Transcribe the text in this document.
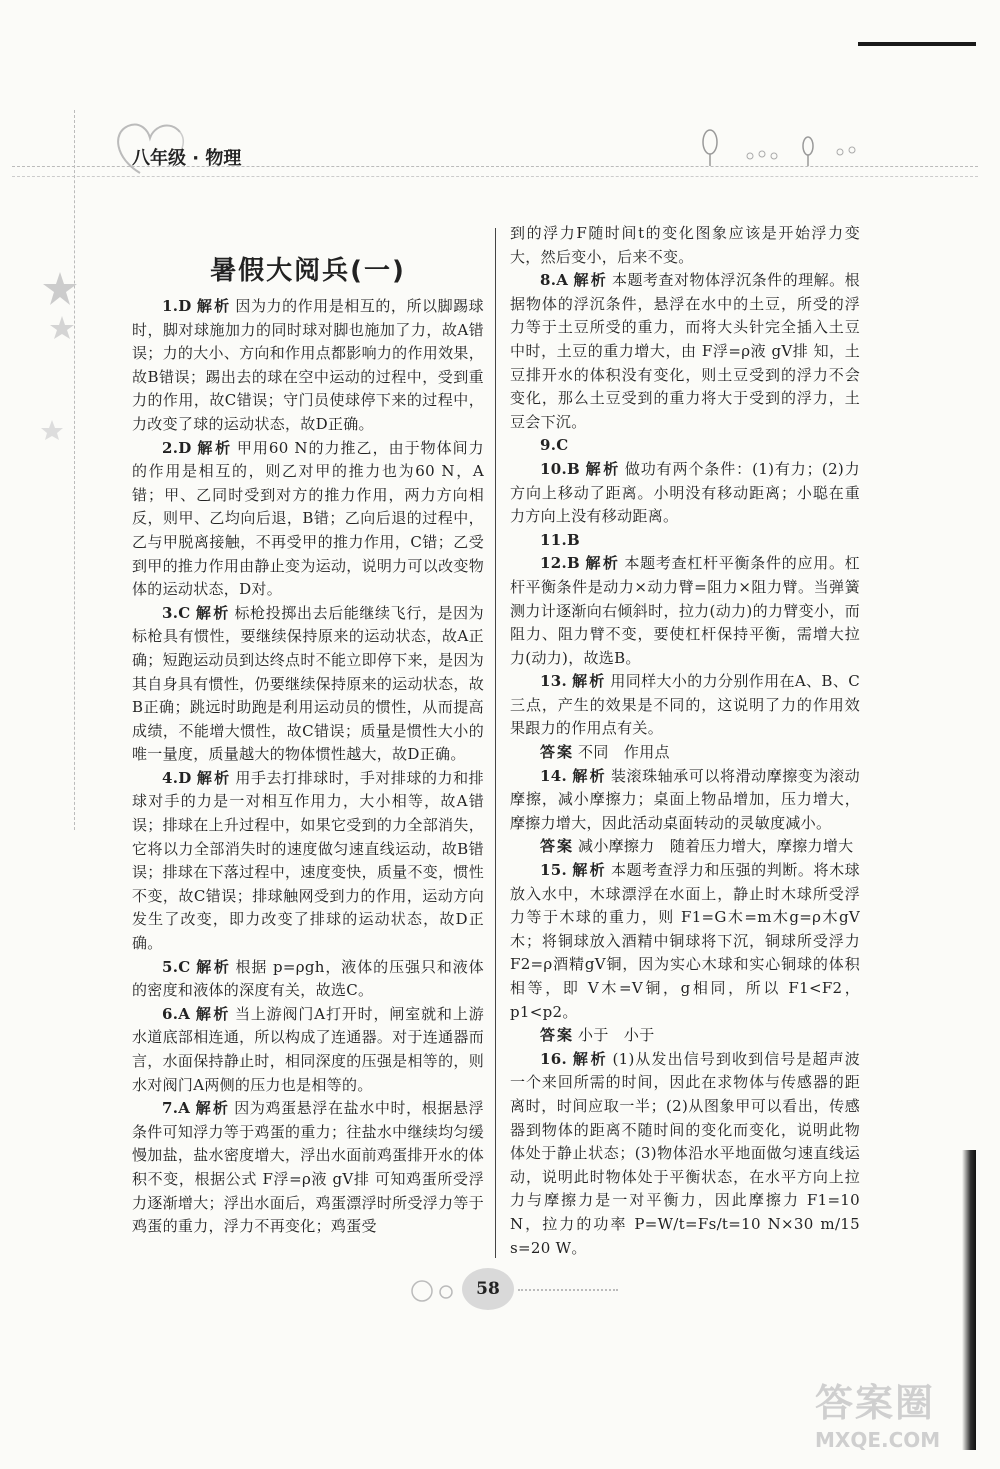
八年级 · 物理
暑假大阅兵(一)

1.D 解析 因为力的作用是相互的，所以脚踢球时，脚对球施加力的同时球对脚也施加了力，故A错误；力的大小、方向和作用点都影响力的作用效果，故B错误；踢出去的球在空中运动的过程中，受到重力的作用，故C错误；守门员使球停下来的过程中，力改变了球的运动状态，故D正确。

2.D 解析 甲用60 N的力推乙，由于物体间力的作用是相互的，则乙对甲的推力也为60 N，A错；甲、乙同时受到对方的推力作用，两力方向相反，则甲、乙均向后退，B错；乙向后退的过程中，乙与甲脱离接触，不再受甲的推力作用，C错；乙受到甲的推力作用由静止变为运动，说明力可以改变物体的运动状态，D对。

3.C 解析 标枪投掷出去后能继续飞行，是因为标枪具有惯性，要继续保持原来的运动状态，故A正确；短跑运动员到达终点时不能立即停下来，是因为其自身具有惯性，仍要继续保持原来的运动状态，故B正确；跳远时助跑是利用运动员的惯性，从而提高成绩，不能增大惯性，故C错误；质量是惯性大小的唯一量度，质量越大的物体惯性越大，故D正确。

4.D 解析 用手去打排球时，手对排球的力和排球对手的力是一对相互作用力，大小相等，故A错误；排球在上升过程中，如果它受到的力全部消失，它将以力全部消失时的速度做匀速直线运动，故B错误；排球在下落过程中，速度变快，质量不变，惯性不变，故C错误；排球触网受到力的作用，运动方向发生了改变，即力改变了排球的运动状态，故D正确。

5.C 解析 根据 p=ρgh，液体的压强只和液体的密度和液体的深度有关，故选C。

6.A 解析 当上游阀门A打开时，闸室就和上游水道底部相连通，所以构成了连通器。对于连通器而言，水面保持静止时，相同深度的压强是相等的，则水对阀门A两侧的压力也是相等的。

7.A 解析 因为鸡蛋悬浮在盐水中时，根据悬浮条件可知浮力等于鸡蛋的重力；往盐水中继续均匀缓慢加盐，盐水密度增大，浮出水面前鸡蛋排开水的体积不变，根据公式 F浮=ρ液 gV排 可知鸡蛋所受浮力逐渐增大；浮出水面后，鸡蛋漂浮时所受浮力等于鸡蛋的重力，浮力不再变化；鸡蛋受

到的浮力F随时间t的变化图象应该是开始浮力变大，然后变小，后来不变。

8.A 解析 本题考查对物体浮沉条件的理解。根据物体的浮沉条件，悬浮在水中的土豆，所受的浮力等于土豆所受的重力，而将大头针完全插入土豆中时，土豆的重力增大，由 F浮=ρ液 gV排 知，土豆排开水的体积没有变化，则土豆受到的浮力不会变化，那么土豆受到的重力将大于受到的浮力，土豆会下沉。

9.C

10.B 解析 做功有两个条件：(1)有力；(2)力方向上移动了距离。小明没有移动距离；小聪在重力方向上没有移动距离。

11.B

12.B 解析 本题考查杠杆平衡条件的应用。杠杆平衡条件是动力×动力臂=阻力×阻力臂。当弹簧测力计逐渐向右倾斜时，拉力(动力)的力臂变小，而阻力、阻力臂不变，要使杠杆保持平衡，需增大拉力(动力)，故选B。

13. 解析 用同样大小的力分别作用在A、B、C三点，产生的效果是不同的，这说明了力的作用效果跟力的作用点有关。

答案 不同　作用点

14. 解析 装滚珠轴承可以将滑动摩擦变为滚动摩擦，减小摩擦力；桌面上物品增加，压力增大，摩擦力增大，因此活动桌面转动的灵敏度减小。

答案 减小摩擦力　随着压力增大，摩擦力增大

15. 解析 本题考查浮力和压强的判断。将木球放入水中，木球漂浮在水面上，静止时木球所受浮力等于木球的重力，则 F1=G木=m木g=ρ木gV木；将铜球放入酒精中铜球将下沉，铜球所受浮力 F2=ρ酒精gV铜，因为实心木球和实心铜球的体积相等，即 V木=V铜，g相同，所以 F1<F2，p1<p2。

答案 小于　小于

16. 解析 (1)从发出信号到收到信号是超声波一个来回所需的时间，因此在求物体与传感器的距离时，时间应取一半；(2)从图象甲可以看出，传感器到物体的距离不随时间的变化而变化，说明此物体处于静止状态；(3)物体沿水平地面做匀速直线运动，说明此时物体处于平衡状态，在水平方向上拉力与摩擦力是一对平衡力，因此摩擦力 F1=10 N，拉力的功率 P=W/t=Fs/t=10 N×30 m/15 s=20 W。

58
答案圈
MXQE.COM
